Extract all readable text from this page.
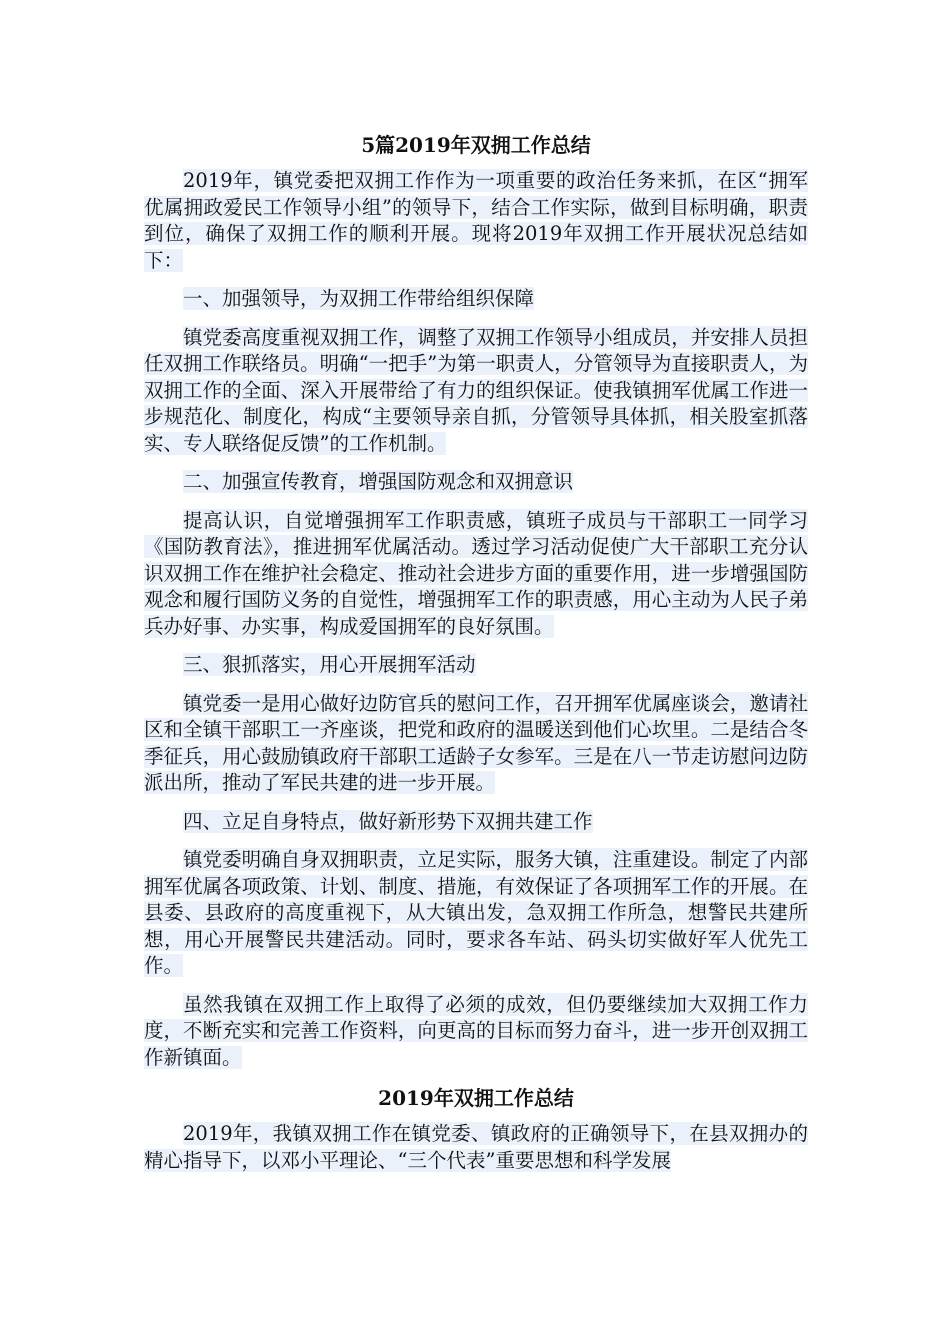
5篇2019年双拥工作总结

2019年，镇党委把双拥工作作为一项重要的政治任务来抓，在区“拥军优属拥政爱民工作领导小组”的领导下，结合工作实际，做到目标明确，职责到位，确保了双拥工作的顺利开展。现将2019年双拥工作开展状况总结如下：

一、加强领导，为双拥工作带给组织保障

镇党委高度重视双拥工作，调整了双拥工作领导小组成员，并安排人员担任双拥工作联络员。明确“一把手”为第一职责人，分管领导为直接职责人，为双拥工作的全面、深入开展带给了有力的组织保证。使我镇拥军优属工作进一步规范化、制度化，构成“主要领导亲自抓，分管领导具体抓，相关股室抓落实、专人联络促反馈”的工作机制。

二、加强宣传教育，增强国防观念和双拥意识

提高认识，自觉增强拥军工作职责感，镇班子成员与干部职工一同学习《国防教育法》，推进拥军优属活动。透过学习活动促使广大干部职工充分认识双拥工作在维护社会稳定、推动社会进步方面的重要作用，进一步增强国防观念和履行国防义务的自觉性，增强拥军工作的职责感，用心主动为人民子弟兵办好事、办实事，构成爱国拥军的良好氛围。

三、狠抓落实，用心开展拥军活动

镇党委一是用心做好边防官兵的慰问工作，召开拥军优属座谈会，邀请社区和全镇干部职工一齐座谈，把党和政府的温暖送到他们心坎里。二是结合冬季征兵，用心鼓励镇政府干部职工适龄子女参军。三是在八一节走访慰问边防派出所，推动了军民共建的进一步开展。

四、立足自身特点，做好新形势下双拥共建工作

镇党委明确自身双拥职责，立足实际，服务大镇，注重建设。制定了内部拥军优属各项政策、计划、制度、措施，有效保证了各项拥军工作的开展。在县委、县政府的高度重视下，从大镇出发，急双拥工作所急，想警民共建所想，用心开展警民共建活动。同时，要求各车站、码头切实做好军人优先工作。

虽然我镇在双拥工作上取得了必须的成效，但仍要继续加大双拥工作力度，不断充实和完善工作资料，向更高的目标而努力奋斗，进一步开创双拥工作新镇面。

2019年双拥工作总结

2019年，我镇双拥工作在镇党委、镇政府的正确领导下，在县双拥办的精心指导下，以邓小平理论、“三个代表”重要思想和科学发展
